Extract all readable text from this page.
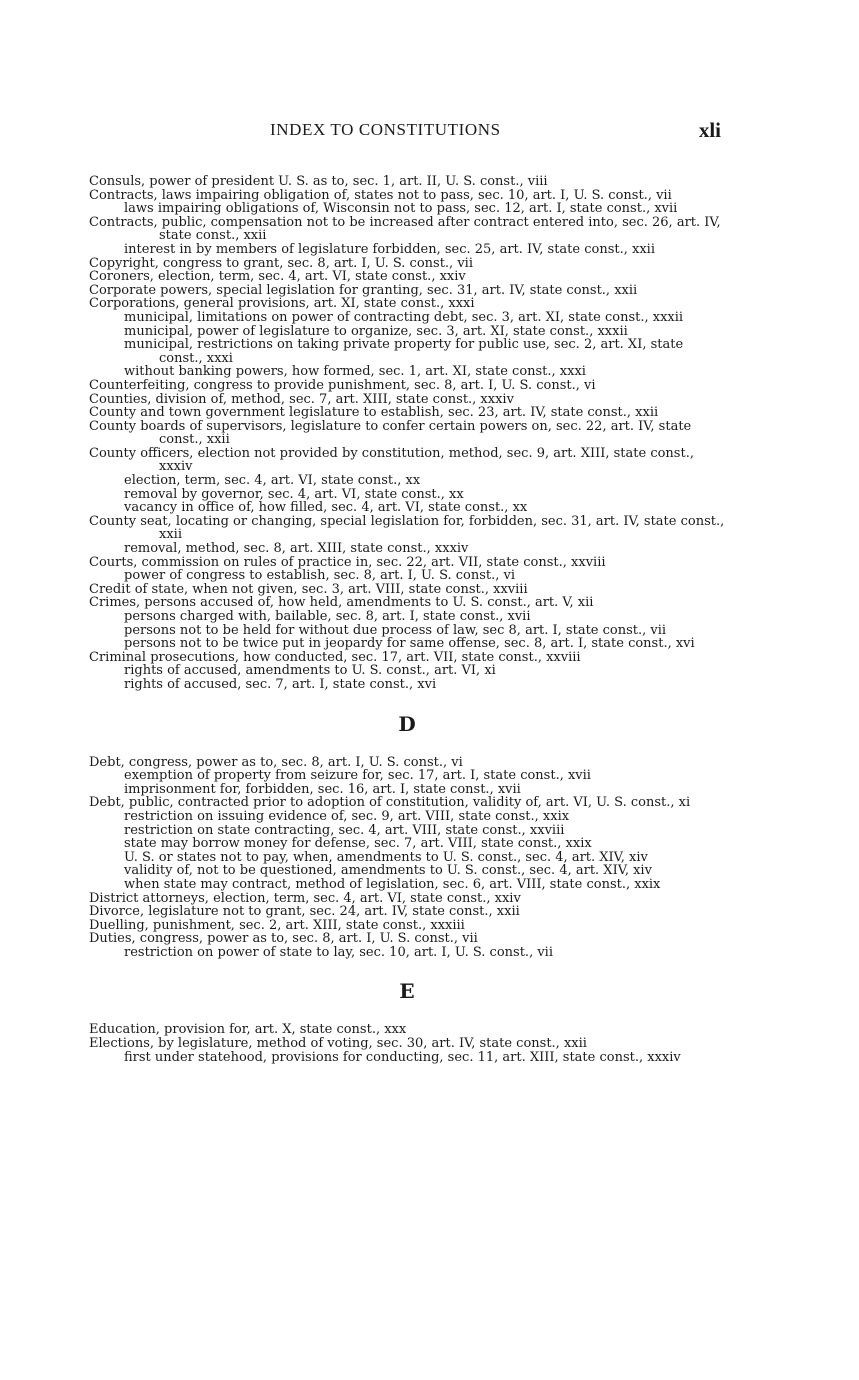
INDEX TO CONSTITUTIONS	xli
Consuls, power of president U. S. as to, sec. 1, art. II, U. S. const., viii
Contracts, laws impairing obligation of, states not to pass, sec. 10, art. I, U. S. const., vii
laws impairing obligations of, Wisconsin not to pass, sec. 12, art. I, state const., xvii
Contracts, public, compensation not to be increased after contract entered into, sec. 26, art. IV, state const., xxii
interest in by members of legislature forbidden, sec. 25, art. IV, state const., xxii
Copyright, congress to grant, sec. 8, art. I, U. S. const., vii
Coroners, election, term, sec. 4, art. VI, state const., xxiv
Corporate powers, special legislation for granting, sec. 31, art. IV, state const., xxii
Corporations, general provisions, art. XI, state const., xxxi
municipal, limitations on power of contracting debt, sec. 3, art. XI, state const., xxxii
municipal, power of legislature to organize, sec. 3, art. XI, state const., xxxii
municipal, restrictions on taking private property for public use, sec. 2, art. XI, state const., xxxi
without banking powers, how formed, sec. 1, art. XI, state const., xxxi
Counterfeiting, congress to provide punishment, sec. 8, art. I, U. S. const., vi
Counties, division of, method, sec. 7, art. XIII, state const., xxxiv
County and town government legislature to establish, sec. 23, art. IV, state const., xxii
County boards of supervisors, legislature to confer certain powers on, sec. 22, art. IV, state const., xxii
County officers, election not provided by constitution, method, sec. 9, art. XIII, state const., xxxiv
election, term, sec. 4, art. VI, state const., xx
removal by governor, sec. 4, art. VI, state const., xx
vacancy in office of, how filled, sec. 4, art. VI, state const., xx
County seat, locating or changing, special legislation for, forbidden, sec. 31, art. IV, state const., xxii
removal, method, sec. 8, art. XIII, state const., xxxiv
Courts, commission on rules of practice in, sec. 22, art. VII, state const., xxviii
power of congress to establish, sec. 8, art. I, U. S. const., vi
Credit of state, when not given, sec. 3, art. VIII, state const., xxviii
Crimes, persons accused of, how held, amendments to U. S. const., art. V, xii
persons charged with, bailable, sec. 8, art. I, state const., xvii
persons not to be held for without due process of law, sec 8, art. I, state const., vii
persons not to be twice put in jeopardy for same offense, sec. 8, art. I, state const., xvi
Criminal prosecutions, how conducted, sec. 17, art. VII, state const., xxviii
rights of accused, amendments to U. S. const., art. VI, xi
rights of accused, sec. 7, art. I, state const., xvi
D
Debt, congress, power as to, sec. 8, art. I, U. S. const., vi
exemption of property from seizure for, sec. 17, art. I, state const., xvii
imprisonment for, forbidden, sec. 16, art. I, state const., xvii
Debt, public, contracted prior to adoption of constitution, validity of, art. VI, U. S. const., xi
restriction on issuing evidence of, sec. 9, art. VIII, state const., xxix
restriction on state contracting, sec. 4, art. VIII, state const., xxviii
state may borrow money for defense, sec. 7, art. VIII, state const., xxix
U. S. or states not to pay, when, amendments to U. S. const., sec. 4, art. XIV, xiv
validity of, not to be questioned, amendments to U. S. const., sec. 4, art. XIV, xiv
when state may contract, method of legislation, sec. 6, art. VIII, state const., xxix
District attorneys, election, term, sec. 4, art. VI, state const., xxiv
Divorce, legislature not to grant, sec. 24, art. IV, state const., xxii
Duelling, punishment, sec. 2, art. XIII, state const., xxxiii
Duties, congress, power as to, sec. 8, art. I, U. S. const., vii
restriction on power of state to lay, sec. 10, art. I, U. S. const., vii
E
Education, provision for, art. X, state const., xxx
Elections, by legislature, method of voting, sec. 30, art. IV, state const., xxii
first under statehood, provisions for conducting, sec. 11, art. XIII, state const., xxxiv
